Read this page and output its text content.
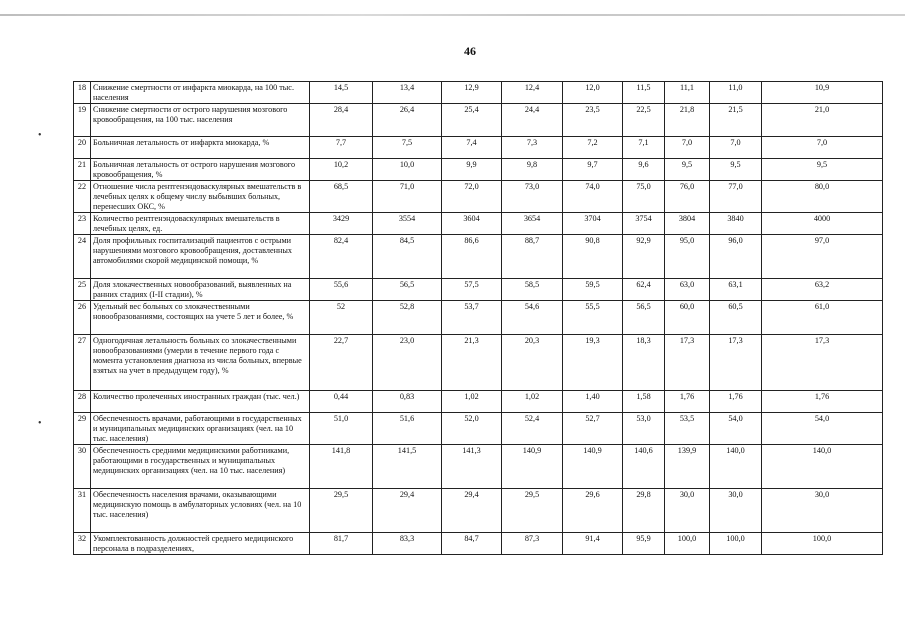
46
•
•
18	Снижение смертности от инфаркта миокарда, на 100 тыс. населения	14,5	13,4	12,9	12,4	12,0	11,5	11,1	11,0	10,9
19	Снижение смертности от острого нарушения мозгового кровообращения, на 100 тыс. населения	28,4	26,4	25,4	24,4	23,5	22,5	21,8	21,5	21,0
20	Больничная летальность от инфаркта миокарда, %	7,7	7,5	7,4	7,3	7,2	7,1	7,0	7,0	7,0
21	Больничная летальность от острого нарушения мозгового кровообращения, %	10,2	10,0	9,9	9,8	9,7	9,6	9,5	9,5	9,5
22	Отношение числа рентгенэндоваскулярных вмешательств в лечебных целях к общему числу выбывших больных, перенесших ОКС, %	68,5	71,0	72,0	73,0	74,0	75,0	76,0	77,0	80,0
23	Количество рентгенэндоваскулярных вмешательств в лечебных целях, ед.	3429	3554	3604	3654	3704	3754	3804	3840	4000
24	Доля профильных госпитализаций пациентов с острыми нарушениями мозгового кровообращения, доставленных автомобилями скорой медицинской помощи, %	82,4	84,5	86,6	88,7	90,8	92,9	95,0	96,0	97,0
25	Доля злокачественных новообразований, выявленных на ранних стадиях (I-II стадии), %	55,6	56,5	57,5	58,5	59,5	62,4	63,0	63,1	63,2
26	Удельный вес больных со злокачественными новообразованиями, состоящих на учете 5 лет и более, %	52	52,8	53,7	54,6	55,5	56,5	60,0	60,5	61,0
27	Одногодичная летальность больных со злокачественными новообразованиями (умерли в течение первого года с момента установления диагноза из числа больных, впервые взятых на учет в предыдущем году), %	22,7	23,0	21,3	20,3	19,3	18,3	17,3	17,3	17,3
28	Количество пролеченных иностранных граждан (тыс. чел.)	0,44	0,83	1,02	1,02	1,40	1,58	1,76	1,76	1,76
29	Обеспеченность врачами, работающими в государственных и муниципальных медицинских организациях (чел. на 10 тыс. населения)	51,0	51,6	52,0	52,4	52,7	53,0	53,5	54,0	54,0
30	Обеспеченность средними медицинскими работниками, работающими в государственных и муниципальных медицинских организациях (чел. на 10 тыс. населения)	141,8	141,5	141,3	140,9	140,9	140,6	139,9	140,0	140,0
31	Обеспеченность населения врачами, оказывающими медицинскую помощь в амбулаторных условиях (чел. на 10 тыс. населения)	29,5	29,4	29,4	29,5	29,6	29,8	30,0	30,0	30,0
32	Укомплектованность должностей среднего медицинского персонала в подразделениях,	81,7	83,3	84,7	87,3	91,4	95,9	100,0	100,0	100,0
